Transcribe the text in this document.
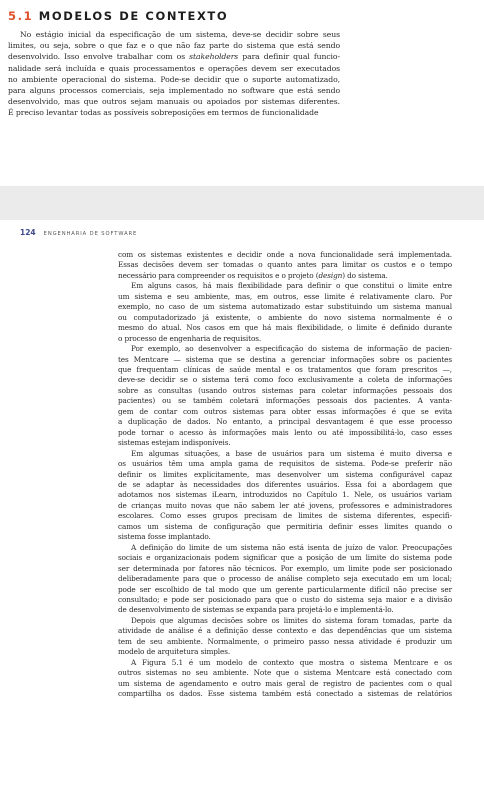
5.1 MODELOS DE CONTEXTO

No estágio inicial da especificação de um sistema, deve-se decidir sobre seus

limites, ou seja, sobre o que faz e o que não faz parte do sistema que está sendo

desenvolvido. Isso envolve trabalhar com os stakeholders para definir qual funcio-

nalidade será incluída e quais processamentos e operações devem ser executados

no ambiente operacional do sistema. Pode-se decidir que o suporte automatizado,

para alguns processos comerciais, seja implementado no software que está sendo

desenvolvido, mas que outros sejam manuais ou apoiados por sistemas diferentes.

É preciso levantar todas as possíveis sobreposições em termos de funcionalidade

124 ENGENHARIA DE SOFTWARE

com os sistemas existentes e decidir onde a nova funcionalidade será implementada.

Essas decisões devem ser tomadas o quanto antes para limitar os custos e o tempo

necessário para compreender os requisitos e o projeto (design) do sistema.

Em alguns casos, há mais flexibilidade para definir o que constitui o limite entre

um sistema e seu ambiente, mas, em outros, esse limite é relativamente claro. Por

exemplo, no caso de um sistema automatizado estar substituindo um sistema manual

ou computadorizado já existente, o ambiente do novo sistema normalmente é o

mesmo do atual. Nos casos em que há mais flexibilidade, o limite é definido durante

o processo de engenharia de requisitos.

Por exemplo, ao desenvolver a especificação do sistema de informação de pacien-

tes Mentcare — sistema que se destina a gerenciar informações sobre os pacientes

que frequentam clínicas de saúde mental e os tratamentos que foram prescritos —,

deve-se decidir se o sistema terá como foco exclusivamente a coleta de informações

sobre as consultas (usando outros sistemas para coletar informações pessoais dos

pacientes) ou se também coletará informações pessoais dos pacientes. A vanta-

gem de contar com outros sistemas para obter essas informações é que se evita

a duplicação de dados. No entanto, a principal desvantagem é que esse processo

pode tornar o acesso às informações mais lento ou até impossibilitá-lo, caso esses

sistemas estejam indisponíveis.

Em algumas situações, a base de usuários para um sistema é muito diversa e

os usuários têm uma ampla gama de requisitos de sistema. Pode-se preferir não

definir os limites explicitamente, mas desenvolver um sistema configurável capaz

de se adaptar às necessidades dos diferentes usuários. Essa foi a abordagem que

adotamos nos sistemas iLearn, introduzidos no Capítulo 1. Nele, os usuários variam

de crianças muito novas que não sabem ler até jovens, professores e administradores

escolares. Como esses grupos precisam de limites de sistema diferentes, especifi-

camos um sistema de configuração que permitiria definir esses limites quando o

sistema fosse implantado.

A definição do limite de um sistema não está isenta de juízo de valor. Preocupações

sociais e organizacionais podem significar que a posição de um limite do sistema pode

ser determinada por fatores não técnicos. Por exemplo, um limite pode ser posicionado

deliberadamente para que o processo de análise completo seja executado em um local;

pode ser escolhido de tal modo que um gerente particularmente difícil não precise ser

consultado; e pode ser posicionado para que o custo do sistema seja maior e a divisão

de desenvolvimento de sistemas se expanda para projetá-lo e implementá-lo.

Depois que algumas decisões sobre os limites do sistema foram tomadas, parte da

atividade de análise é a definição desse contexto e das dependências que um sistema

tem de seu ambiente. Normalmente, o primeiro passo nessa atividade é produzir um

modelo de arquitetura simples.

A Figura 5.1 é um modelo de contexto que mostra o sistema Mentcare e os

outros sistemas no seu ambiente. Note que o sistema Mentcare está conectado com

um sistema de agendamento e outro mais geral de registro de pacientes com o qual

compartilha os dados. Esse sistema também está conectado a sistemas de relatórios
